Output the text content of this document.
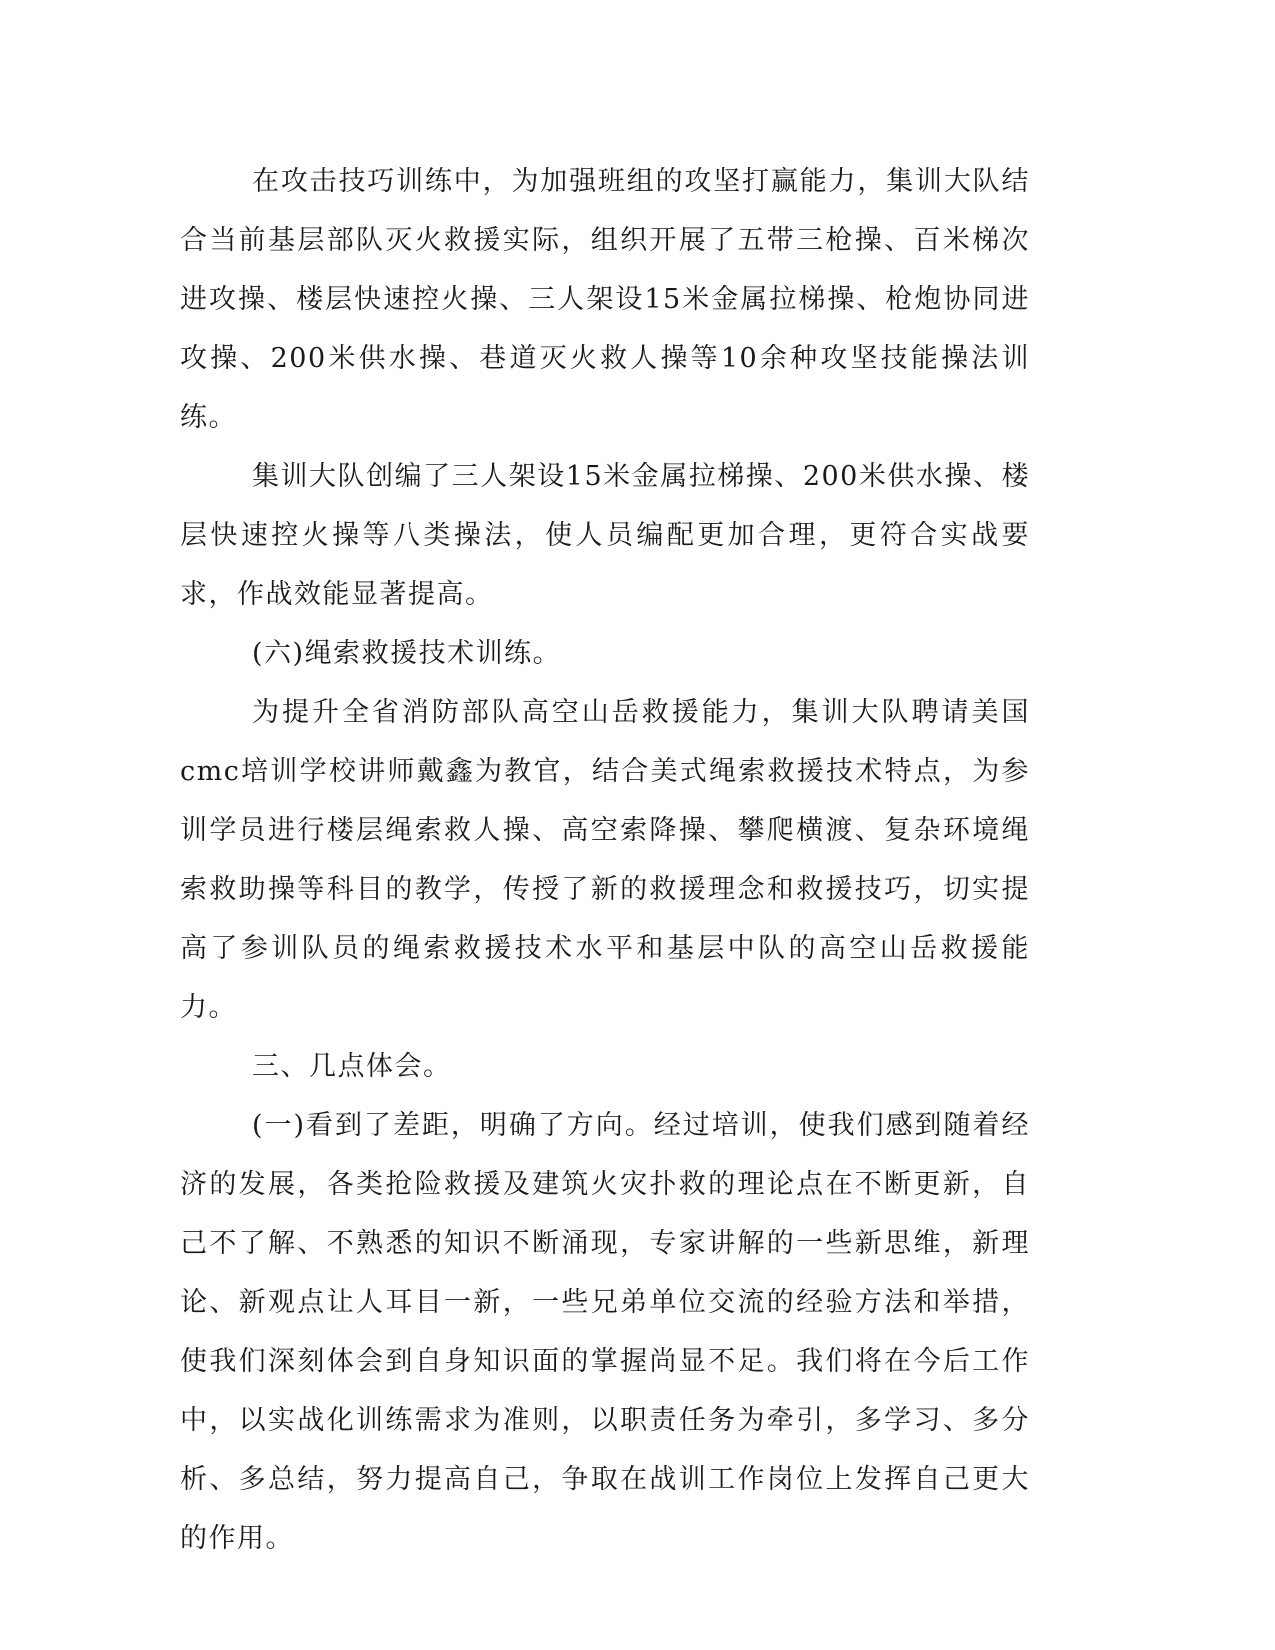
在攻击技巧训练中，为加强班组的攻坚打赢能力，集训大队结合当前基层部队灭火救援实际，组织开展了五带三枪操、百米梯次进攻操、楼层快速控火操、三人架设15米金属拉梯操、枪炮协同进攻操、200米供水操、巷道灭火救人操等10余种攻坚技能操法训练。

集训大队创编了三人架设15米金属拉梯操、200米供水操、楼层快速控火操等八类操法，使人员编配更加合理，更符合实战要求，作战效能显著提高。

(六)绳索救援技术训练。

为提升全省消防部队高空山岳救援能力，集训大队聘请美国cmc培训学校讲师戴鑫为教官，结合美式绳索救援技术特点，为参训学员进行楼层绳索救人操、高空索降操、攀爬横渡、复杂环境绳索救助操等科目的教学，传授了新的救援理念和救援技巧，切实提高了参训队员的绳索救援技术水平和基层中队的高空山岳救援能力。

三、几点体会。

(一)看到了差距，明确了方向。经过培训，使我们感到随着经济的发展，各类抢险救援及建筑火灾扑救的理论点在不断更新，自己不了解、不熟悉的知识不断涌现，专家讲解的一些新思维，新理论、新观点让人耳目一新，一些兄弟单位交流的经验方法和举措，使我们深刻体会到自身知识面的掌握尚显不足。我们将在今后工作中，以实战化训练需求为准则，以职责任务为牵引，多学习、多分析、多总结，努力提高自己，争取在战训工作岗位上发挥自己更大的作用。
